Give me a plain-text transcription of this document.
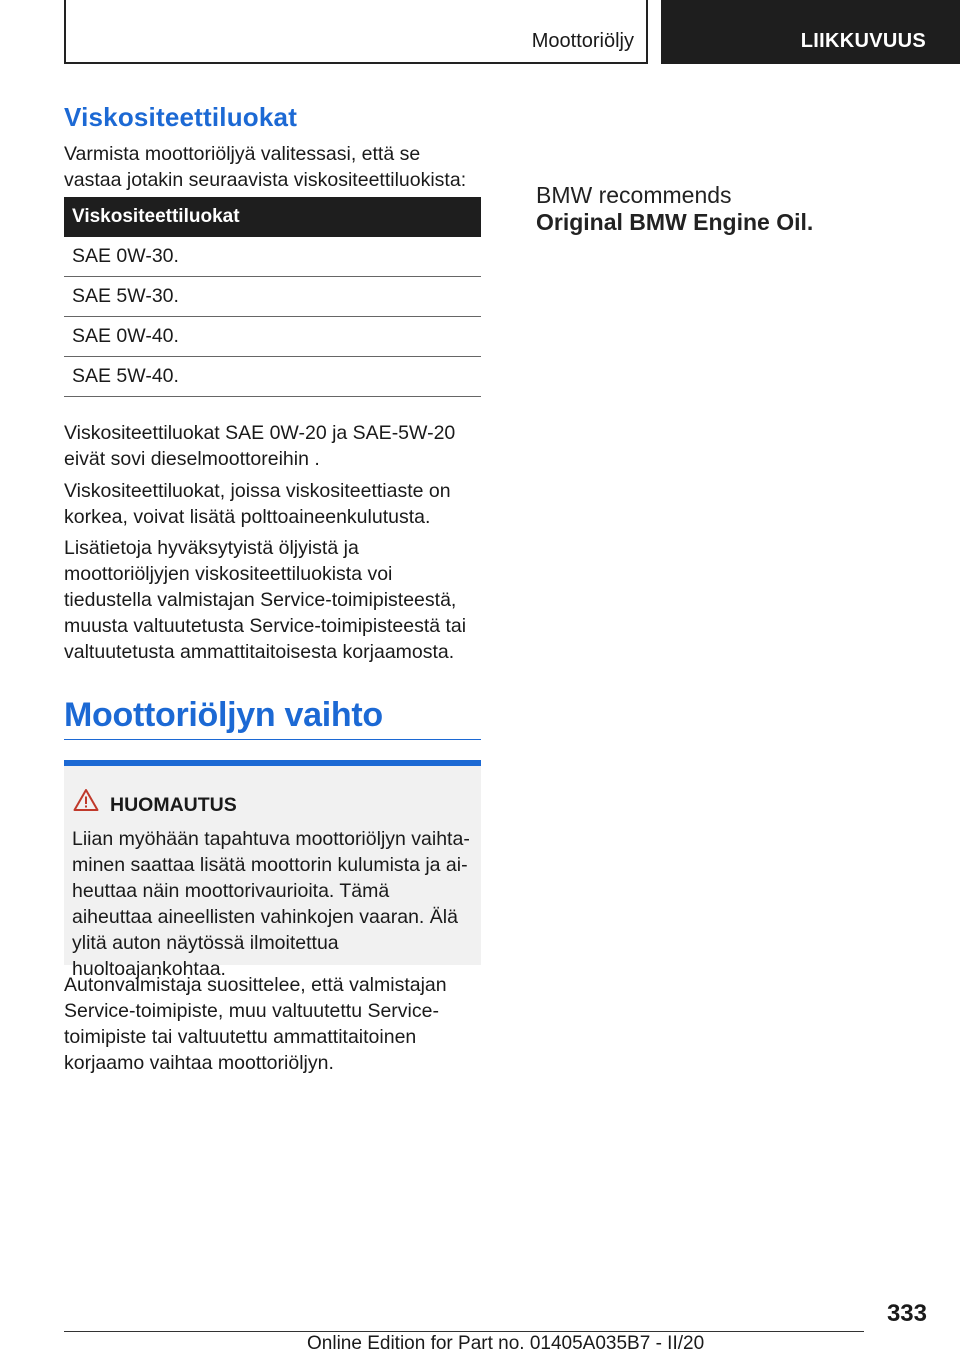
Moottoriöljy	LIIKKUVUUS
Viskositeettiluokat

Varmista moottoriöljyä valitessasi, että se vastaa jotakin seuraavista viskositeettiluokista:

Viskositeettiluokat
SAE 0W-30.
SAE 5W-30.
SAE 0W-40.
SAE 5W-40.

Viskositeettiluokat SAE 0W-20 ja SAE-5W-20 eivät sovi dieselmoottoreihin .

Viskositeettiluokat, joissa viskositeettiaste on korkea, voivat lisätä polttoaineenkulutusta.

Lisätietoja hyväksytyistä öljyistä ja moottoriöljyjen viskositeettiluokista voi tiedustella valmistajan Service-toimipisteestä, muusta valtuutetusta Service-toimipisteestä tai valtuutetusta ammattitaitoisesta korjaamosta.

Moottoriöljyn vaihto
HUOMAUTUS

Liian myöhään tapahtuva moottoriöljyn vaihtaminen saattaa lisätä moottorin kulumista ja aiheuttaa näin moottorivaurioita. Tämä aiheuttaa aineellisten vahinkojen vaaran. Älä ylitä auton näytössä ilmoitettua huoltoajankohtaa.

Autonvalmistaja suosittelee, että valmistajan Service-toimipiste, muu valtuutettu Service-toimipiste tai valtuutettu ammattitaitoinen korjaamo vaihtaa moottoriöljyn.

BMW recommends
Original BMW Engine Oil.
333
Online Edition for Part no. 01405A035B7 - II/20
